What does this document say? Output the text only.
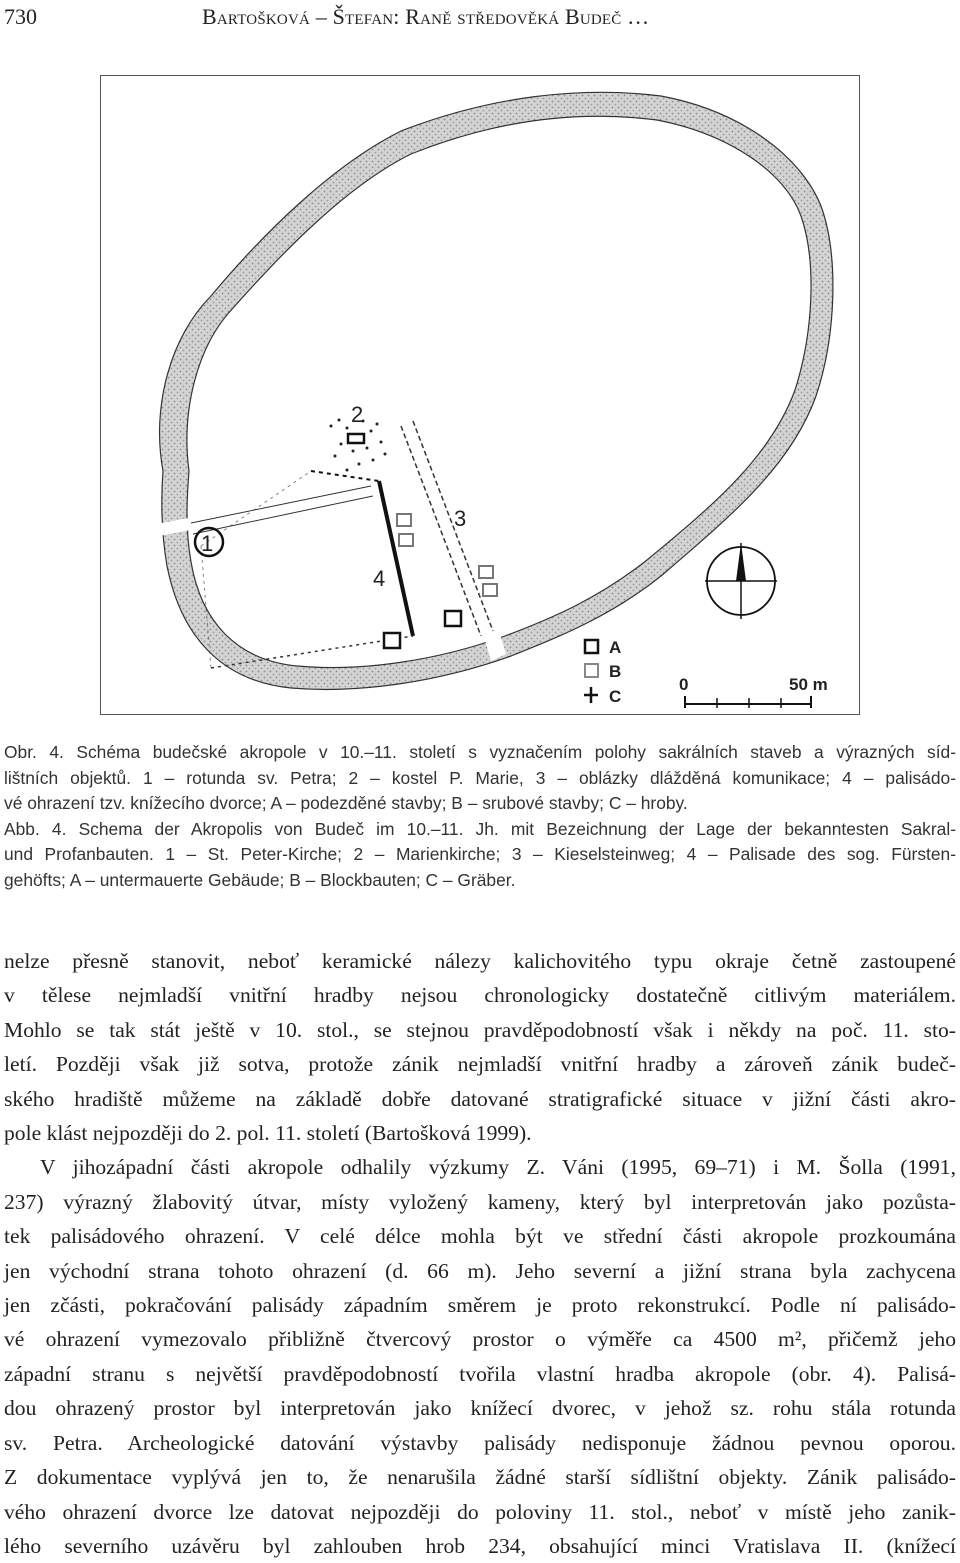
730	Bartošková – Štefan: Raně středověká Budeč …
2
1
3
4
A
B
C
0	50 m
Obr. 4. Schéma budečské akropole v 10.–11. století s vyznačením polohy sakrálních staveb a výrazných síd-
lištních objektů. 1 – rotunda sv. Petra; 2 – kostel P. Marie, 3 – oblázky dlážděná komunikace; 4 – palisádo-
vé ohrazení tzv. knížecího dvorce; A – podezděné stavby; B – srubové stavby; C – hroby.
Abb. 4. Schema der Akropolis von Budeč im 10.–11. Jh. mit Bezeichnung der Lage der bekanntesten Sakral-
und Profanbauten. 1 – St. Peter-Kirche; 2 – Marienkirche; 3 – Kieselsteinweg; 4 – Palisade des sog. Fürsten-
gehöfts; A – untermauerte Gebäude; B – Blockbauten; C – Gräber.
nelze přesně stanovit, neboť keramické nálezy kalichovitého typu okraje četně zastoupené
v tělese nejmladší vnitřní hradby nejsou chronologicky dostatečně citlivým materiálem.
Mohlo se tak stát ještě v 10. stol., se stejnou pravděpodobností však i někdy na poč. 11. sto-
letí. Později však již sotva, protože zánik nejmladší vnitřní hradby a zároveň zánik budeč-
ského hradiště můžeme na základě dobře datované stratigrafické situace v jižní části akro-
pole klást nejpozději do 2. pol. 11. století (Bartošková 1999).
V jihozápadní části akropole odhalily výzkumy Z. Váni (1995, 69–71) i M. Šolla (1991,
237) výrazný žlabovitý útvar, místy vyložený kameny, který byl interpretován jako pozůsta-
tek palisádového ohrazení. V celé délce mohla být ve střední části akropole prozkoumána
jen východní strana tohoto ohrazení (d. 66 m). Jeho severní a jižní strana byla zachycena
jen zčásti, pokračování palisády západním směrem je proto rekonstrukcí. Podle ní palisádo-
vé ohrazení vymezovalo přibližně čtvercový prostor o výměře ca 4500 m², přičemž jeho
západní stranu s největší pravděpodobností tvořila vlastní hradba akropole (obr. 4). Palisá-
dou ohrazený prostor byl interpretován jako knížecí dvorec, v jehož sz. rohu stála rotunda
sv. Petra. Archeologické datování výstavby palisády nedisponuje žádnou pevnou oporou.
Z dokumentace vyplývá jen to, že nenarušila žádné starší sídlištní objekty. Zánik palisádo-
vého ohrazení dvorce lze datovat nejpozději do poloviny 11. stol., neboť v místě jeho zanik-
lého severního uzávěru byl zahlouben hrob 234, obsahující minci Vratislava II. (knížecí
